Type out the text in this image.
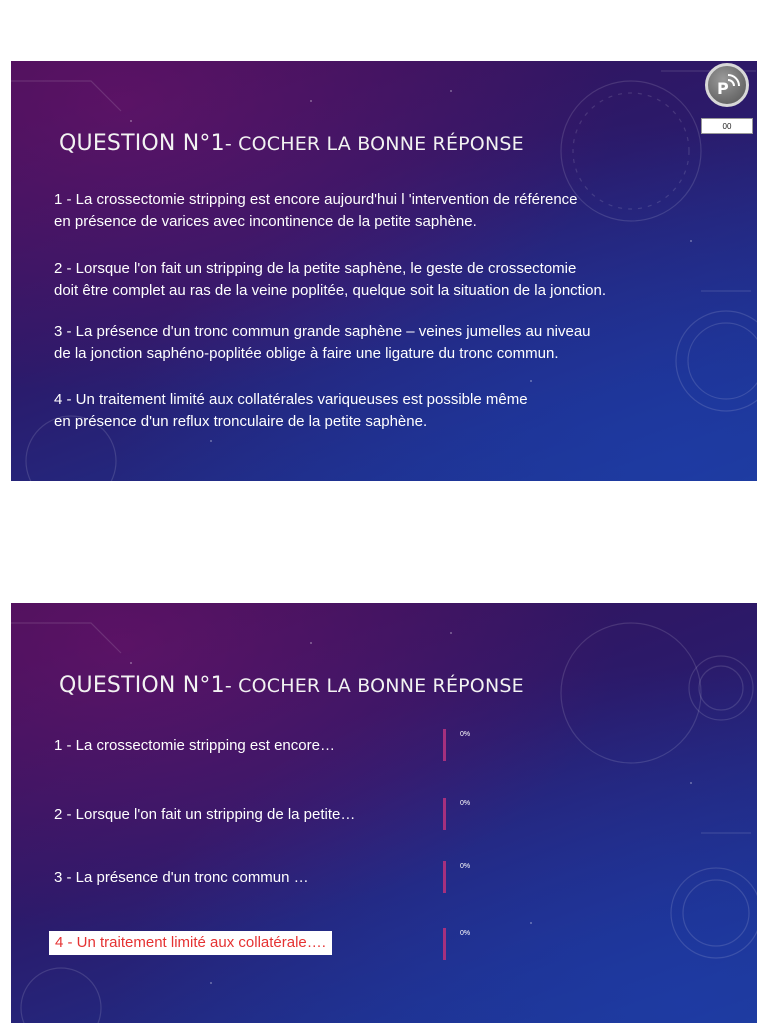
QUESTION N°1- COCHER LA BONNE RÉPONSE
1 - La crossectomie stripping est encore aujourd'hui l 'intervention de référence
en présence de varices avec incontinence de la petite saphène.
2 - Lorsque l'on fait un stripping de la petite saphène, le geste de crossectomie
doit être complet au ras de la veine poplitée, quelque soit la situation de la jonction.
3 - La présence d'un tronc commun grande saphène – veines jumelles au niveau
de la jonction saphéno-poplitée oblige à faire une ligature du tronc commun.
4 - Un traitement limité aux collatérales variqueuses est possible même
en présence d'un reflux tronculaire de la petite saphène.
P
00
QUESTION N°1- COCHER LA BONNE RÉPONSE
1 - La crossectomie stripping est encore…
0%
2 - Lorsque l'on fait un stripping de la petite…
0%
3 - La présence d'un tronc commun …
0%
4 - Un traitement limité aux collatérale….
0%
